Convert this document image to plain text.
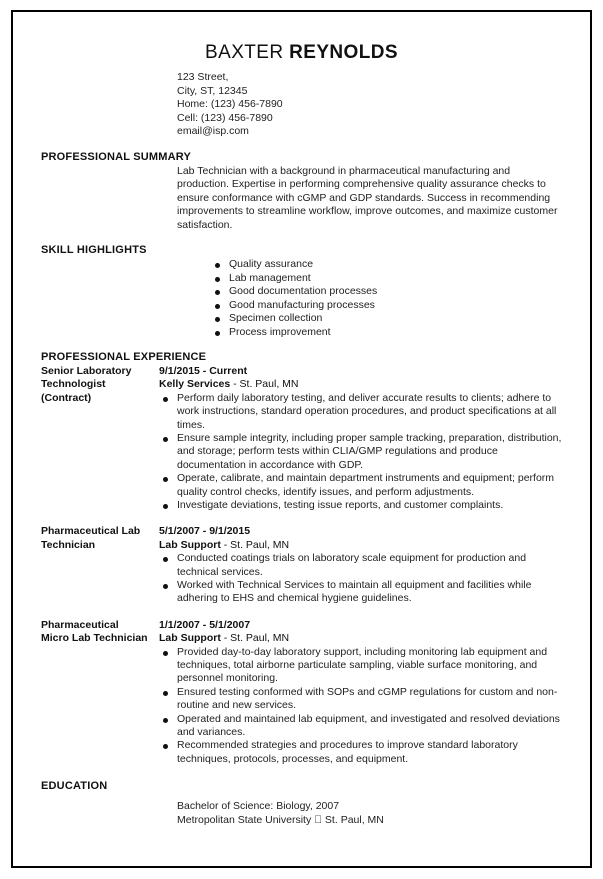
BAXTER REYNOLDS
123 Street,
City, ST, 12345
Home: (123) 456-7890
Cell: (123) 456-7890
email@isp.com
PROFESSIONAL SUMMARY

Lab Technician with a background in pharmaceutical manufacturing and production. Expertise in performing comprehensive quality assurance checks to ensure conformance with cGMP and GDP standards. Success in recommending improvements to streamline workflow, improve outcomes, and maximize customer satisfaction.

SKILL HIGHLIGHTS
Quality assurance
Lab management
Good documentation processes
Good manufacturing processes
Specimen collection
Process improvement
PROFESSIONAL EXPERIENCE
Senior Laboratory
Technologist
(Contract)
9/1/2015 - Current
Kelly Services - St. Paul, MN
Perform daily laboratory testing, and deliver accurate results to clients; adhere to work instructions, standard operation procedures, and product specifications at all times.
Ensure sample integrity, including proper sample tracking, preparation, distribution, and storage; perform tests within CLIA/GMP regulations and produce documentation in accordance with GDP.
Operate, calibrate, and maintain department instruments and equipment; perform quality control checks, identify issues, and perform adjustments.
Investigate deviations, testing issue reports, and customer complaints.
Pharmaceutical Lab
Technician
5/1/2007 - 9/1/2015
Lab Support - St. Paul, MN
Conducted coatings trials on laboratory scale equipment for production and technical services.
Worked with Technical Services to maintain all equipment and facilities while adhering to EHS and chemical hygiene guidelines.
Pharmaceutical
Micro Lab Technician
1/1/2007 - 5/1/2007
Lab Support - St. Paul, MN
Provided day-to-day laboratory support, including monitoring lab equipment and techniques, total airborne particulate sampling, viable surface monitoring, and personnel monitoring.
Ensured testing conformed with SOPs and cGMP regulations for custom and non-routine and new services.
Operated and maintained lab equipment, and investigated and resolved deviations and variances.
Recommended strategies and procedures to improve standard laboratory techniques, protocols, processes, and equipment.
EDUCATION
Bachelor of Science: Biology, 2007
Metropolitan State University   St. Paul, MN
